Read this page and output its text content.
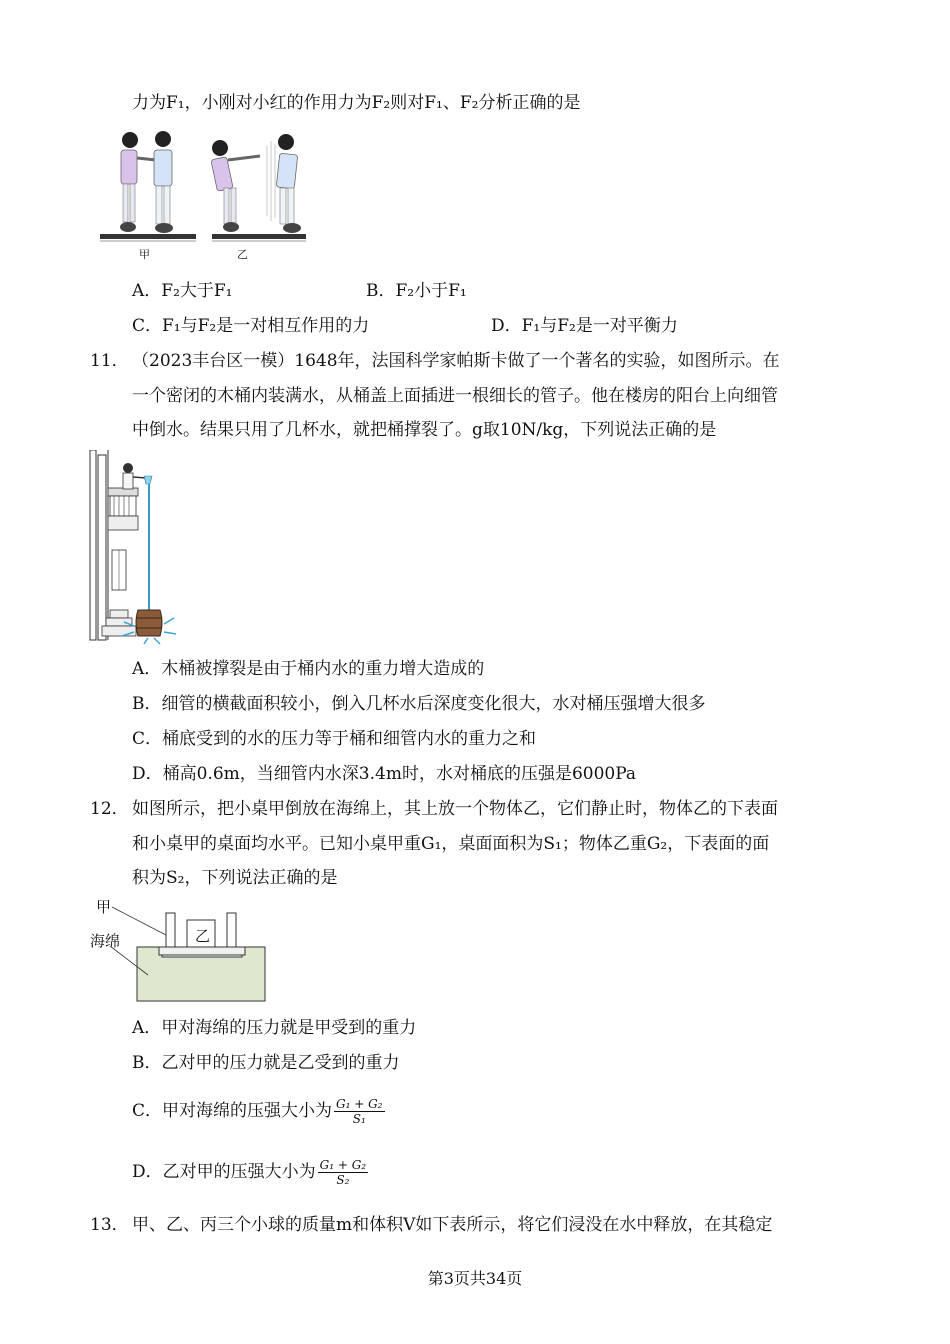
力为F₁，小刚对小红的作用力为F₂则对F₁、F₂分析正确的是
甲	乙
A．F₂大于F₁	B．F₂小于F₁
C．F₁与F₂是一对相互作用的力	D．F₁与F₂是一对平衡力
11． （2023丰台区一模）1648年，法国科学家帕斯卡做了一个著名的实验，如图所示。在
一个密闭的木桶内装满水，从桶盖上面插进一根细长的管子。他在楼房的阳台上向细管
中倒水。结果只用了几杯水，就把桶撑裂了。g取10N/kg，下列说法正确的是
A．木桶被撑裂是由于桶内水的重力增大造成的
B．细管的横截面积较小，倒入几杯水后深度变化很大，水对桶压强增大很多
C．桶底受到的水的压力等于桶和细管内水的重力之和
D．桶高0.6m，当细管内水深3.4m时，水对桶底的压强是6000Pa
12． 如图所示，把小桌甲倒放在海绵上，其上放一个物体乙，它们静止时，物体乙的下表面
和小桌甲的桌面均水平。已知小桌甲重G₁，桌面面积为S₁；物体乙重G₂，下表面的面
积为S₂，下列说法正确的是
甲
海绵	乙
A．甲对海绵的压力就是甲受到的重力
B．乙对甲的压力就是乙受到的重力
C．甲对海绵的压强大小为 $\frac{\text{G₁ + G₂}}{\text{S₁}}$
D．乙对甲的压强大小为 $\frac{\text{G₁ + G₂}}{\text{S₂}}$
13． 甲、乙、丙三个小球的质量m和体积V如下表所示，将它们浸没在水中释放，在其稳定
第3页共34页
